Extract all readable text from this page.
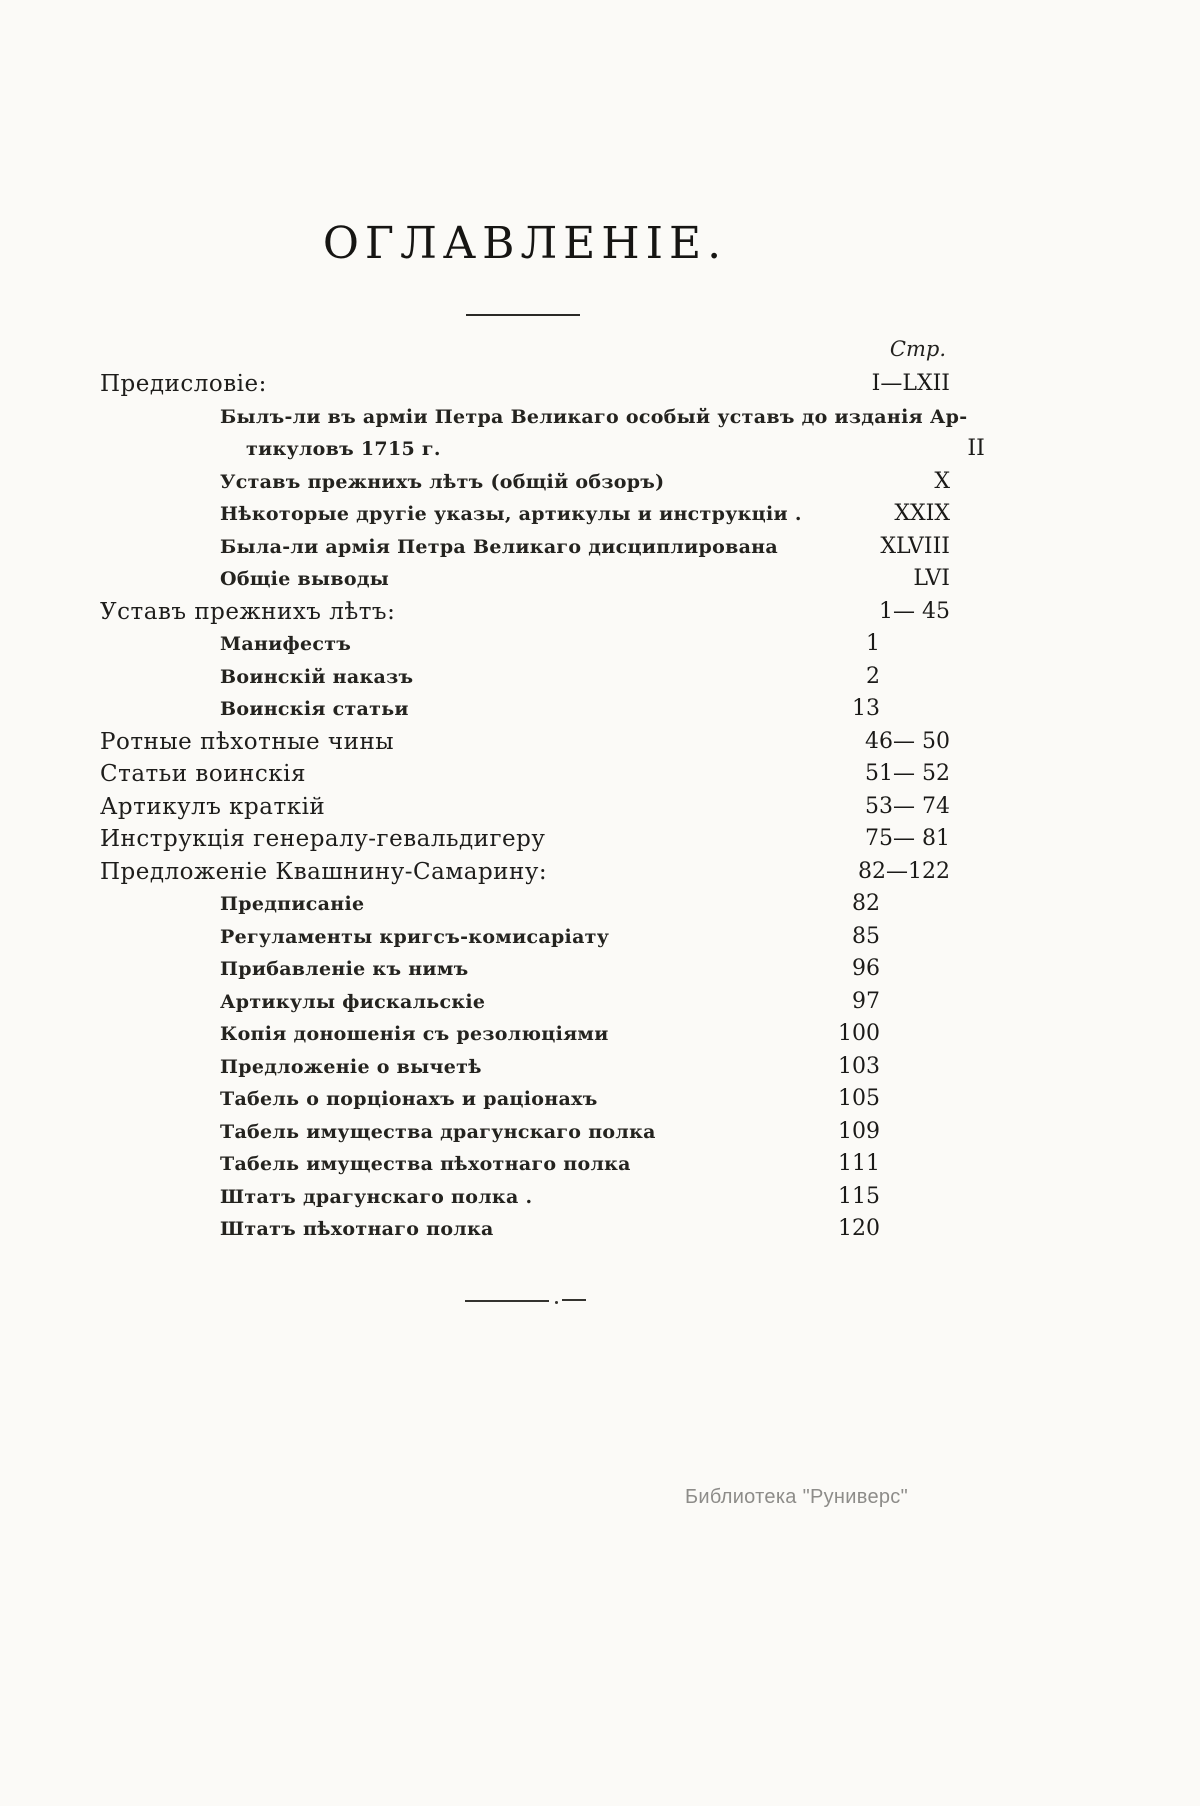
ОГЛАВЛЕНІЕ.
Стр.
Предисловіе:	I—LXII
Былъ-ли въ арміи Петра Великаго особый уставъ до изданія Ар-
тикуловъ 1715 г.	II
Уставъ прежнихъ лѣтъ (общій обзоръ)	X
Нѣкоторые другіе указы, артикулы и инструкціи .	XXIX
Была-ли армія Петра Великаго дисциплирована	XLVIII
Общіе выводы	LVI
Уставъ прежнихъ лѣтъ:	1— 45
Манифестъ	1
Воинскій наказъ	2
Воинскія статьи	13
Ротные пѣхотные чины	46— 50
Статьи воинскія	51— 52
Артикулъ краткій	53— 74
Инструкція генералу-гевальдигеру	75— 81
Предложеніе Квашнину-Самарину:	82—122
Предписаніе	82
Регуламенты кригсъ-комисаріату	85
Прибавленіе къ нимъ	96
Артикулы фискальскіе	97
Копія доношенія съ резолюціями	100
Предложеніе о вычетѣ	103
Табель о порціонахъ и раціонахъ	105
Табель имущества драгунскаго полка	109
Табель имущества пѣхотнаго полка	111
Штатъ драгунскаго полка .	115
Штатъ пѣхотнаго полка	120
Библиотека "Руниверс"
